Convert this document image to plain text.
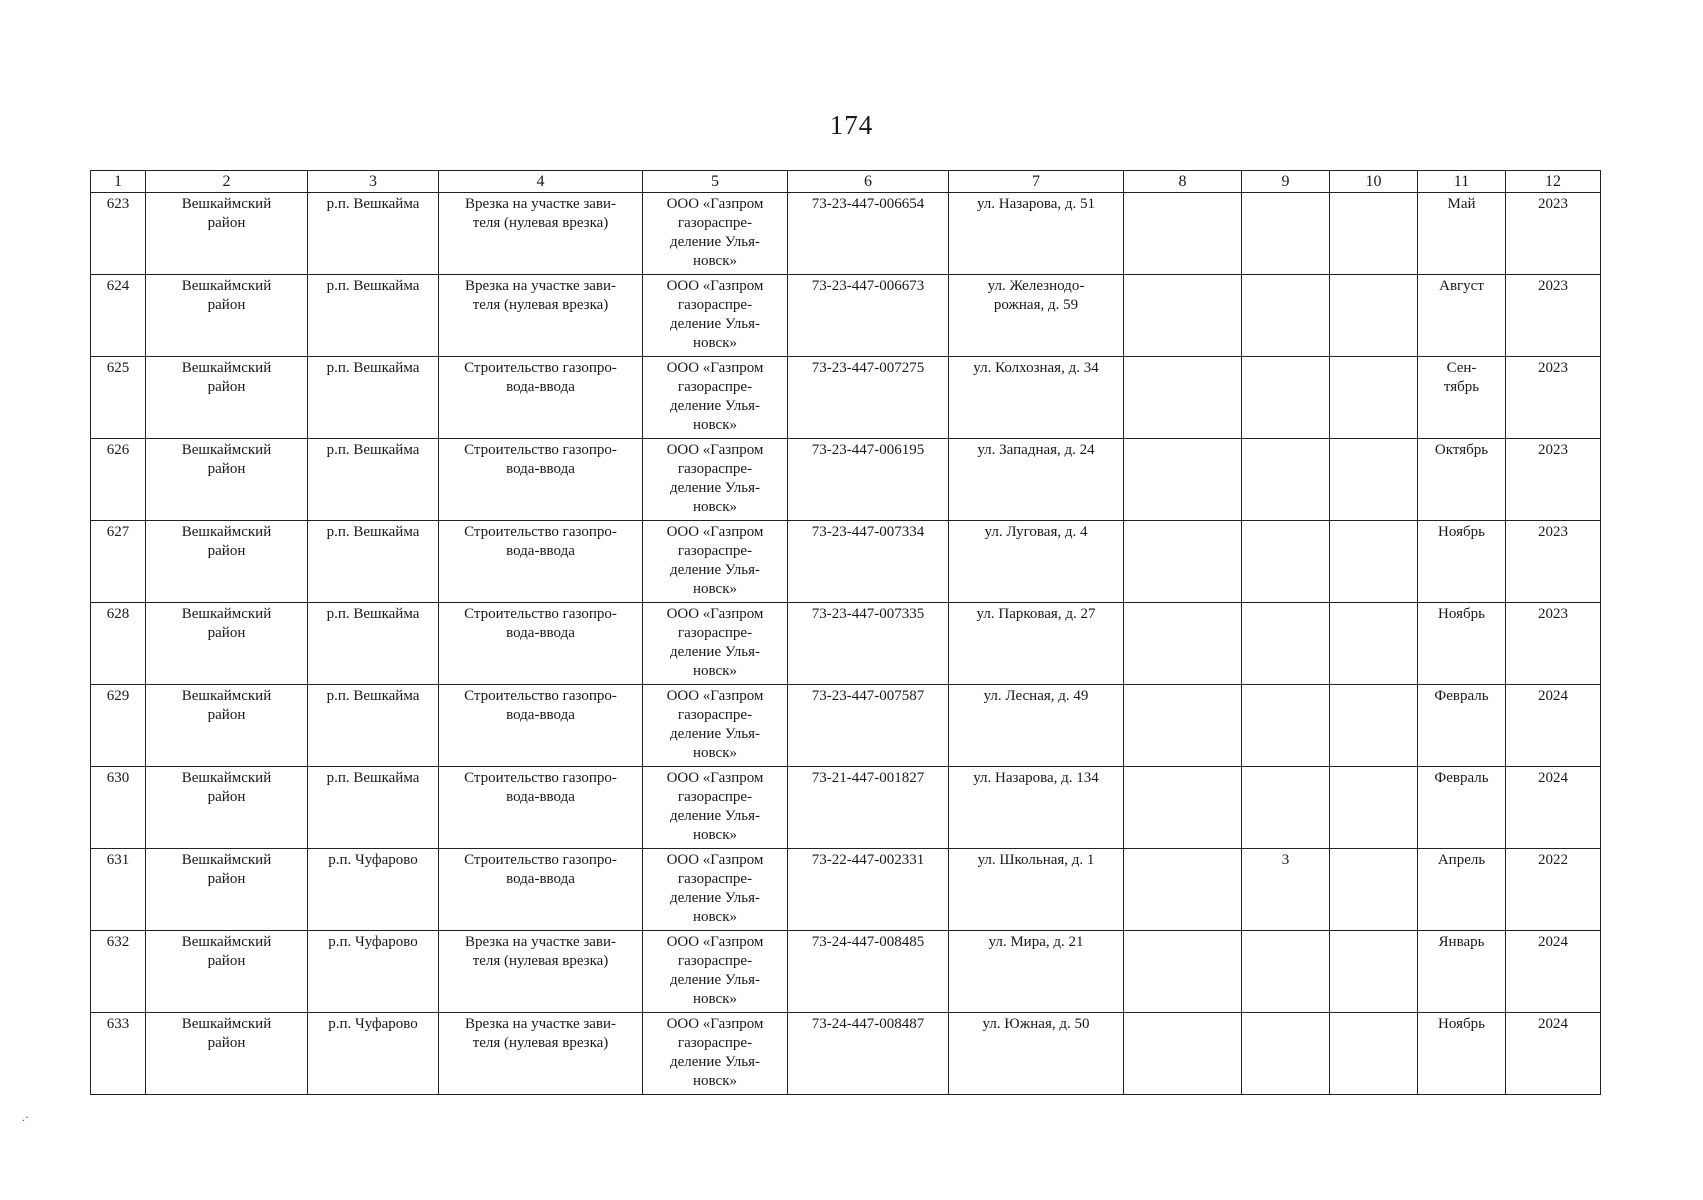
174
1	2	3	4	5	6	7	8	9	10	11	12

623	Вешкаймский
район	р.п. Вешкайма	Врезка на участке зави-
теля (нулевая врезка)	ООО «Газпром
газораспре-
деление Улья-
новск»	73-23-447-006654	ул. Назарова, д. 51				Май	2023

624	Вешкаймский
район	р.п. Вешкайма	Врезка на участке зави-
теля (нулевая врезка)	ООО «Газпром
газораспре-
деление Улья-
новск»	73-23-447-006673	ул. Железнодо-
рожная, д. 59				Август	2023

625	Вешкаймский
район	р.п. Вешкайма	Строительство газопро-
вода-ввода	ООО «Газпром
газораспре-
деление Улья-
новск»	73-23-447-007275	ул. Колхозная, д. 34				Сен-
тябрь	2023

626	Вешкаймский
район	р.п. Вешкайма	Строительство газопро-
вода-ввода	ООО «Газпром
газораспре-
деление Улья-
новск»	73-23-447-006195	ул. Западная, д. 24				Октябрь	2023

627	Вешкаймский
район	р.п. Вешкайма	Строительство газопро-
вода-ввода	ООО «Газпром
газораспре-
деление Улья-
новск»	73-23-447-007334	ул. Луговая, д. 4				Ноябрь	2023

628	Вешкаймский
район	р.п. Вешкайма	Строительство газопро-
вода-ввода	ООО «Газпром
газораспре-
деление Улья-
новск»	73-23-447-007335	ул. Парковая, д. 27				Ноябрь	2023

629	Вешкаймский
район	р.п. Вешкайма	Строительство газопро-
вода-ввода	ООО «Газпром
газораспре-
деление Улья-
новск»	73-23-447-007587	ул. Лесная, д. 49				Февраль	2024

630	Вешкаймский
район	р.п. Вешкайма	Строительство газопро-
вода-ввода	ООО «Газпром
газораспре-
деление Улья-
новск»	73-21-447-001827	ул. Назарова, д. 134				Февраль	2024

631	Вешкаймский
район	р.п. Чуфарово	Строительство газопро-
вода-ввода	ООО «Газпром
газораспре-
деление Улья-
новск»	73-22-447-002331	ул. Школьная, д. 1		3		Апрель	2022

632	Вешкаймский
район	р.п. Чуфарово	Врезка на участке зави-
теля (нулевая врезка)	ООО «Газпром
газораспре-
деление Улья-
новск»	73-24-447-008485	ул. Мира, д. 21				Январь	2024

633	Вешкаймский
район	р.п. Чуфарово	Врезка на участке зави-
теля (нулевая врезка)	ООО «Газпром
газораспре-
деление Улья-
новск»	73-24-447-008487	ул. Южная, д. 50				Ноябрь	2024
.·
